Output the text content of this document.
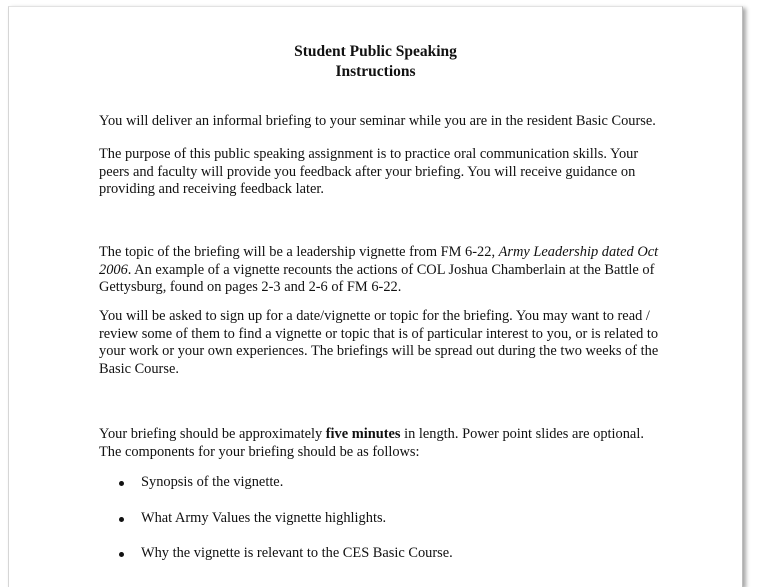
Student Public Speaking
Instructions

You will deliver an informal briefing to your seminar while you are in the resident Basic Course.

The purpose of this public speaking assignment is to practice oral communication skills. Your
peers and faculty will provide you feedback after your briefing. You will receive guidance on
providing and receiving feedback later.

The topic of the briefing will be a leadership vignette from FM 6-22, Army Leadership dated Oct
2006. An example of a vignette recounts the actions of COL Joshua Chamberlain at the Battle of
Gettysburg, found on pages 2-3 and 2-6 of FM 6-22.

You will be asked to sign up for a date/vignette or topic for the briefing. You may want to read /
review some of them to find a vignette or topic that is of particular interest to you, or is related to
your work or your own experiences. The briefings will be spread out during the two weeks of the
Basic Course.

Your briefing should be approximately five minutes in length. Power point slides are optional.
The components for your briefing should be as follows:

Synopsis of the vignette.
What Army Values the vignette highlights.
Why the vignette is relevant to the CES Basic Course.
